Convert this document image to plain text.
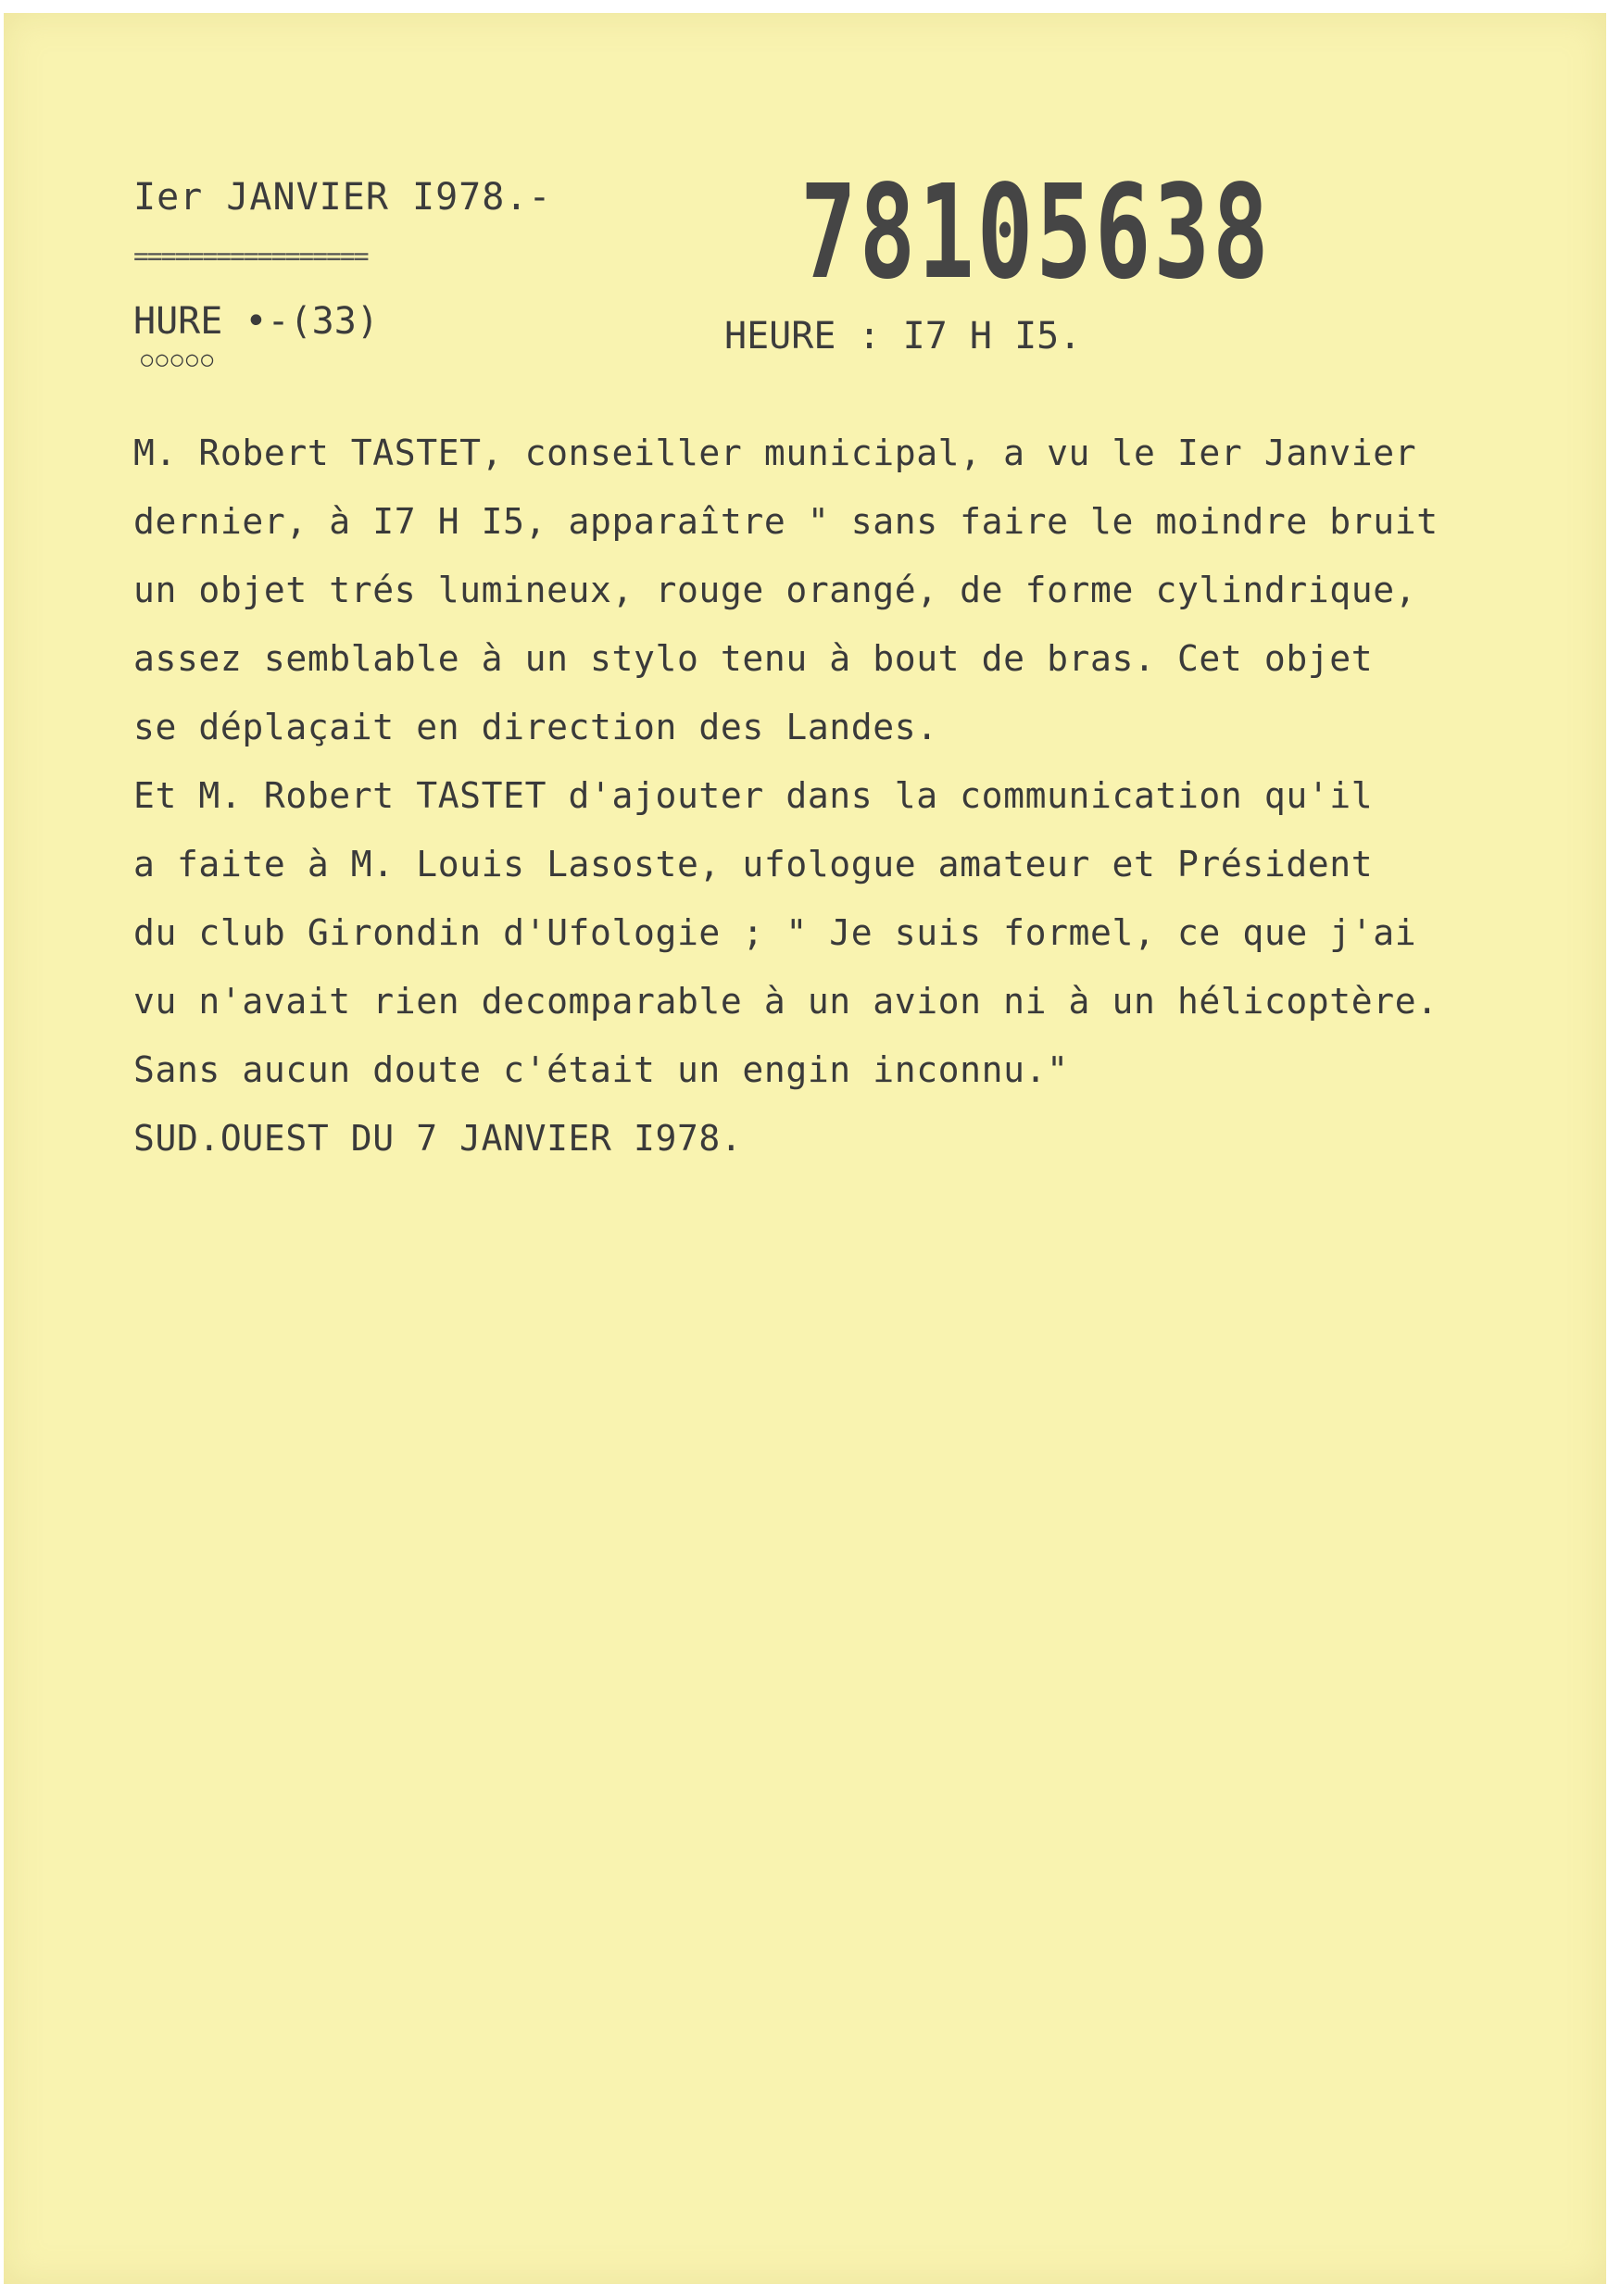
Ier JANVIER I978.-
=================	78105638
HURE •-(33)
○○○○○
HEURE : I7 H I5.
M. Robert TASTET, conseiller municipal, a vu le Ier Janvier
dernier, à I7 H I5, apparaître " sans faire le moindre bruit
un objet trés lumineux, rouge orangé, de forme cylindrique,
assez semblable à un stylo tenu à bout de bras. Cet objet
se déplaçait en direction des Landes.
Et M. Robert TASTET d'ajouter dans la communication qu'il
a faite à M. Louis Lasoste, ufologue amateur et Président
du club Girondin d'Ufologie ; " Je suis formel, ce que j'ai
vu n'avait rien decomparable à un avion ni à un hélicoptère.
Sans aucun doute c'était un engin inconnu."
SUD.OUEST DU 7 JANVIER I978.
